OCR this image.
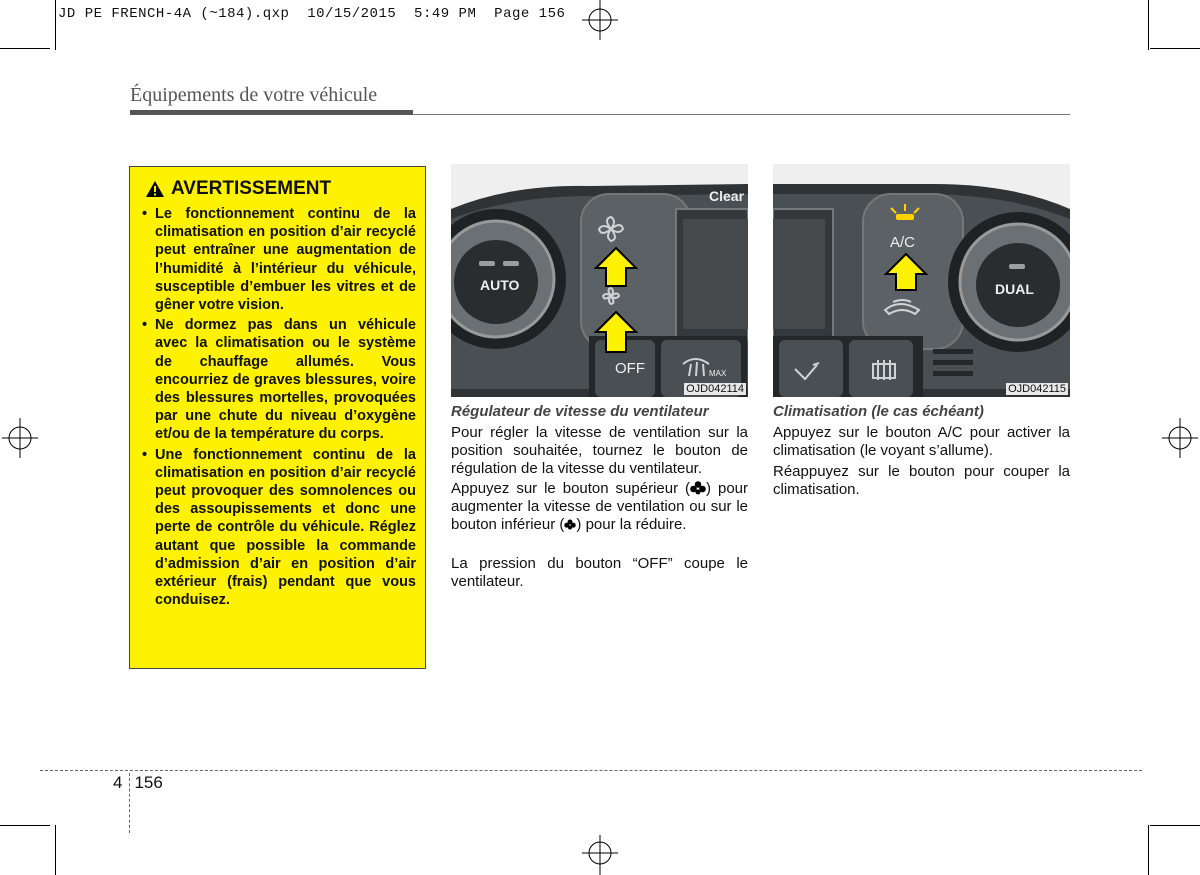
JD PE FRENCH-4A (~184).qxp  10/15/2015  5:49 PM  Page 156
Équipements de votre véhicule
AVERTISSEMENT
• Le fonctionnement continu de la climatisation en position d’air recyclé peut entraîner une augmentation de l’humidité à l’intérieur du véhicule, susceptible d’embuer les vitres et de gêner votre vision.
• Ne dormez pas dans un véhicule avec la climatisation ou le système de chauffage allumés. Vous encourriez de graves blessures, voire des blessures mortelles, provoquées par une chute du niveau d’oxygène et/ou de la température du corps.
• Une fonctionnement continu de la climatisation en position d’air recyclé peut provoquer des somnolences ou des assoupissements et donc une perte de contrôle du véhicule. Réglez autant que possible la commande d’admission d’air en position d’air extérieur (frais) pendant que vous conduisez.
AUTO
OFF
Clear
MAX
OJD042114
A/C
DUAL
OJD042115
Régulateur de vitesse du ventilateur

Pour régler la vitesse de ventilation sur la position souhaitée, tournez le bouton de régulation de la vitesse du ventilateur.

Appuyez sur le bouton supérieur ( ) pour augmenter la vitesse de ventilation ou sur le bouton inférieur ( ) pour la réduire.

La pression du bouton “OFF” coupe le ventilateur.

Climatisation (le cas échéant)

Appuyez sur le bouton A/C pour activer la climatisation (le voyant s’allume).

Réappuyez sur le bouton pour couper la climatisation.

4 156
